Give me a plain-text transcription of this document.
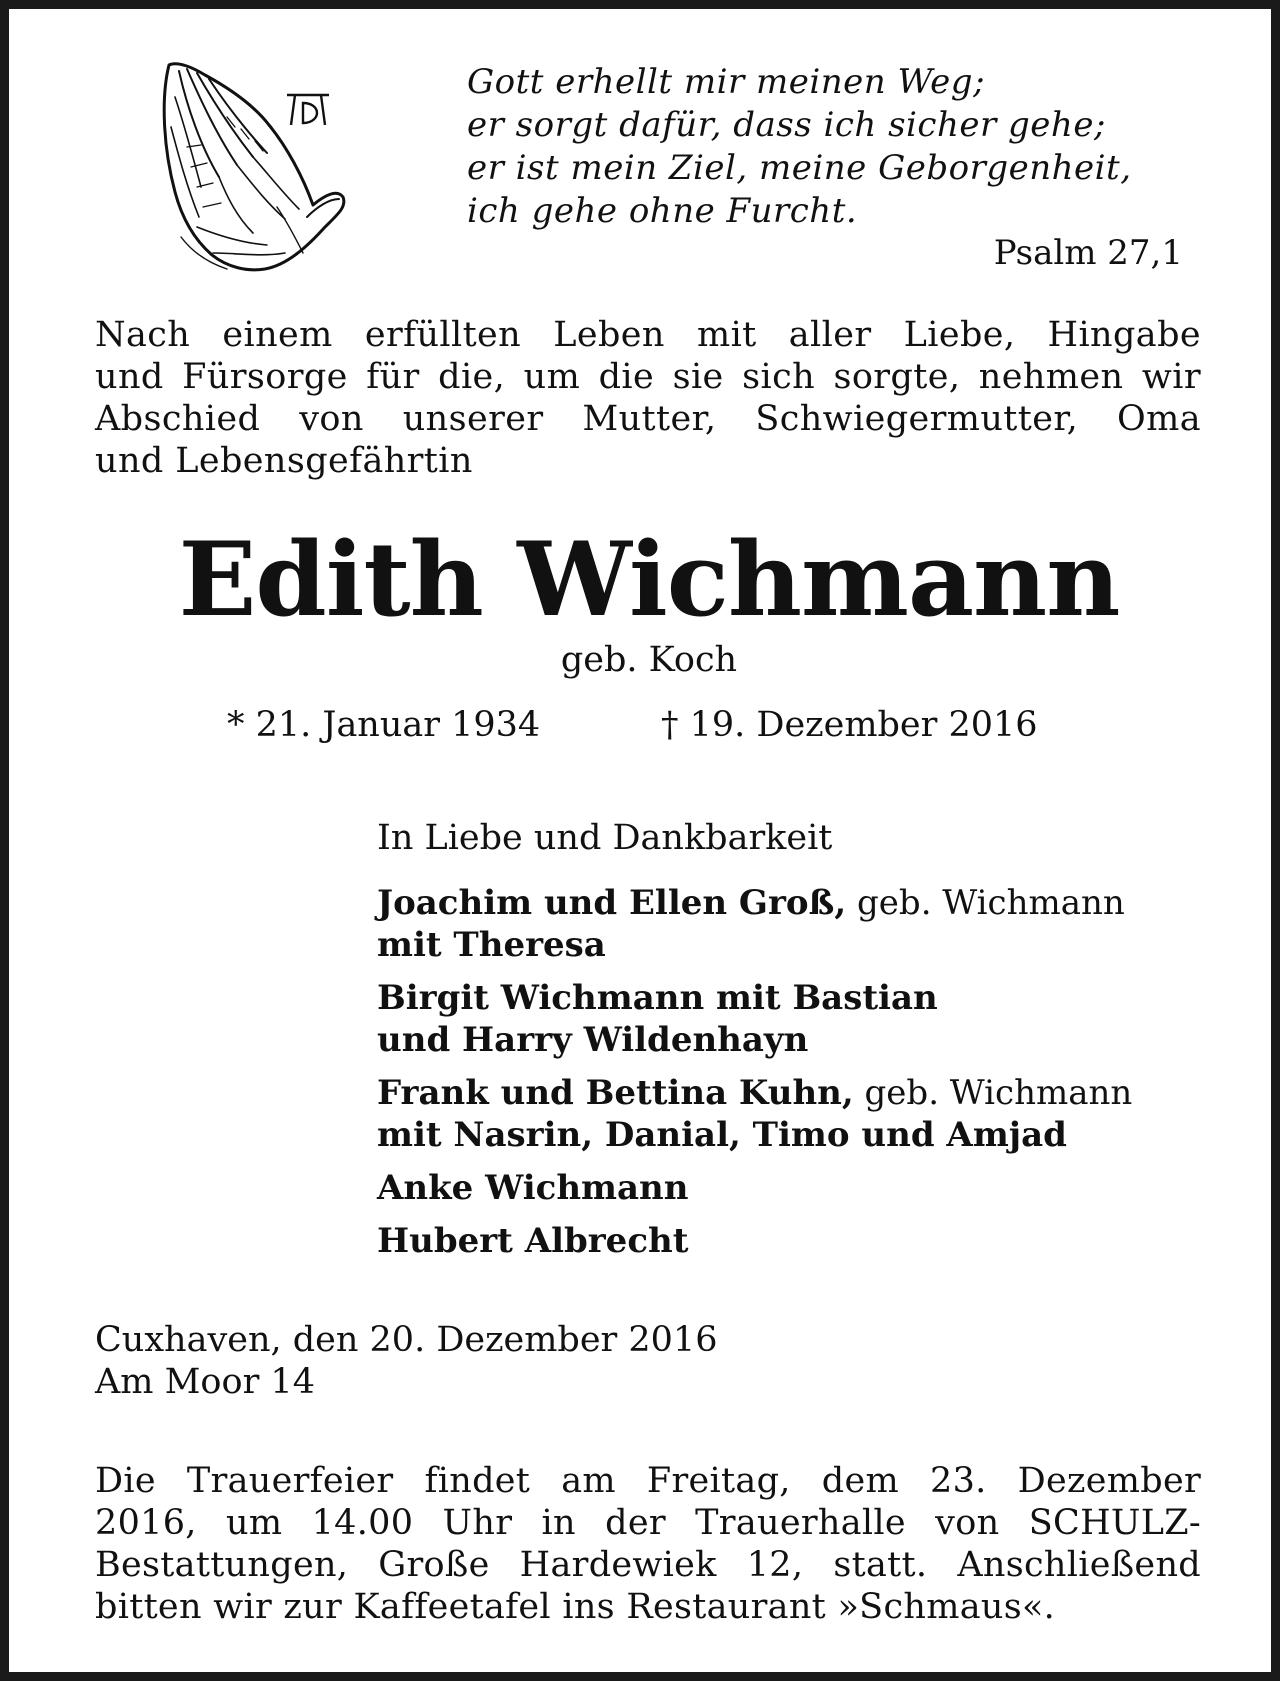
Gott erhellt mir meinen Weg;
er sorgt dafür, dass ich sicher gehe;
er ist mein Ziel, meine Geborgenheit,
ich gehe ohne Furcht.
Psalm 27,1
Nach einem erfüllten Leben mit aller Liebe, Hingabe
und Fürsorge für die, um die sie sich sorgte, nehmen wir
Abschied von unserer Mutter, Schwiegermutter, Oma
und Lebensgefährtin
Edith Wichmann
geb. Koch
* 21. Januar 1934	† 19. Dezember 2016
In Liebe und Dankbarkeit
Joachim und Ellen Groß, geb. Wichmann
mit Theresa
Birgit Wichmann mit Bastian
und Harry Wildenhayn
Frank und Bettina Kuhn, geb. Wichmann
mit Nasrin, Danial, Timo und Amjad
Anke Wichmann
Hubert Albrecht
Cuxhaven, den 20. Dezember 2016
Am Moor 14
Die Trauerfeier findet am Freitag, dem 23. Dezember
2016, um 14.00 Uhr in der Trauerhalle von SCHULZ-
Bestattungen, Große Hardewiek 12, statt. Anschließend
bitten wir zur Kaffeetafel ins Restaurant »Schmaus«.
